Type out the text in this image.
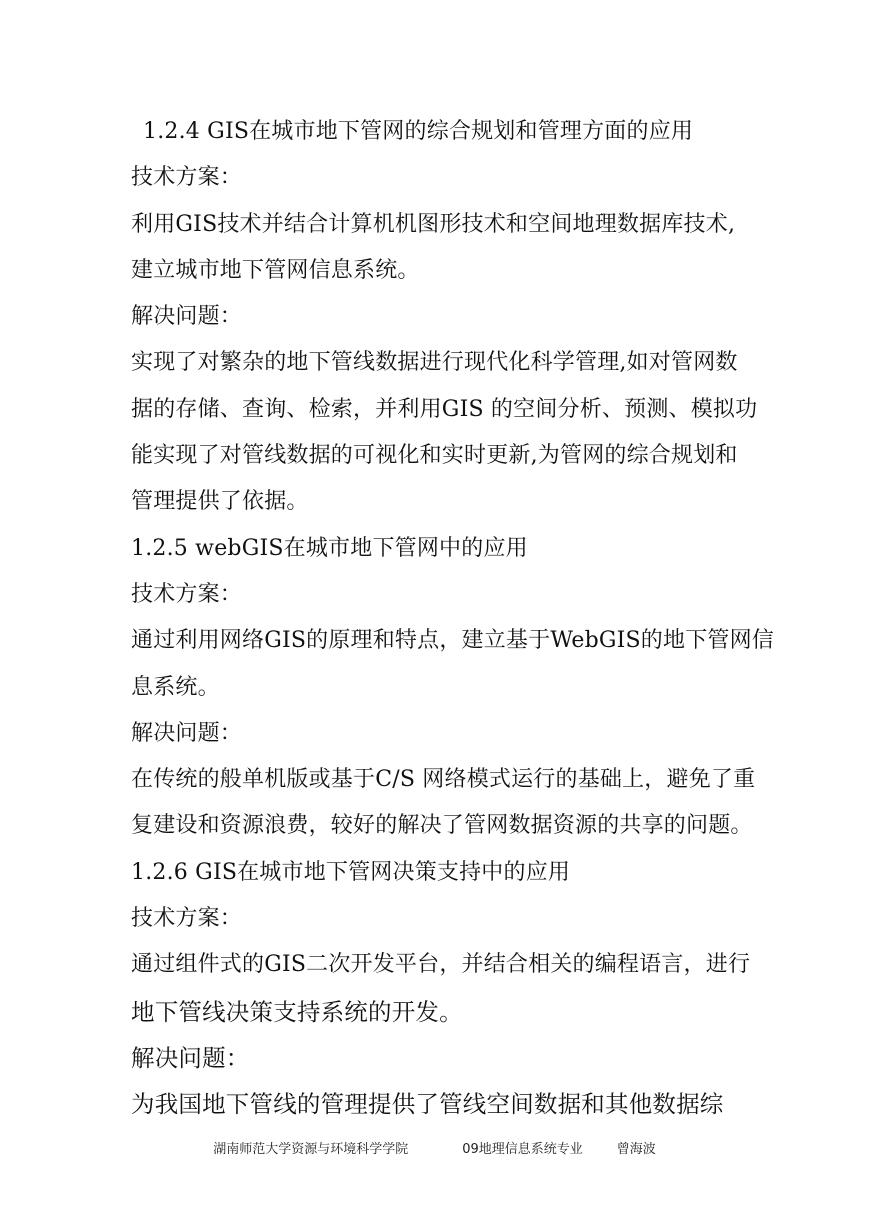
1.2.4 GIS在城市地下管网的综合规划和管理方面的应用
技术方案：
利用GIS技术并结合计算机机图形技术和空间地理数据库技术,
建立城市地下管网信息系统。
解决问题：
实现了对繁杂的地下管线数据进行现代化科学管理,如对管网数
据的存储、查询、检索，并利用GIS 的空间分析、预测、模拟功
能实现了对管线数据的可视化和实时更新,为管网的综合规划和
管理提供了依据。
1.2.5 webGIS在城市地下管网中的应用
技术方案：
通过利用网络GIS的原理和特点，建立基于WebGIS的地下管网信
息系统。
解决问题：
在传统的般单机版或基于C/S 网络模式运行的基础上，避免了重
复建设和资源浪费，较好的解决了管网数据资源的共享的问题。
1.2.6 GIS在城市地下管网决策支持中的应用
技术方案：
通过组件式的GIS二次开发平台，并结合相关的编程语言，进行
地下管线决策支持系统的开发。
解决问题：
为我国地下管线的管理提供了管线空间数据和其他数据综
湖南师范大学资源与环境科学学院	09地理信息系统专业	曾海波
